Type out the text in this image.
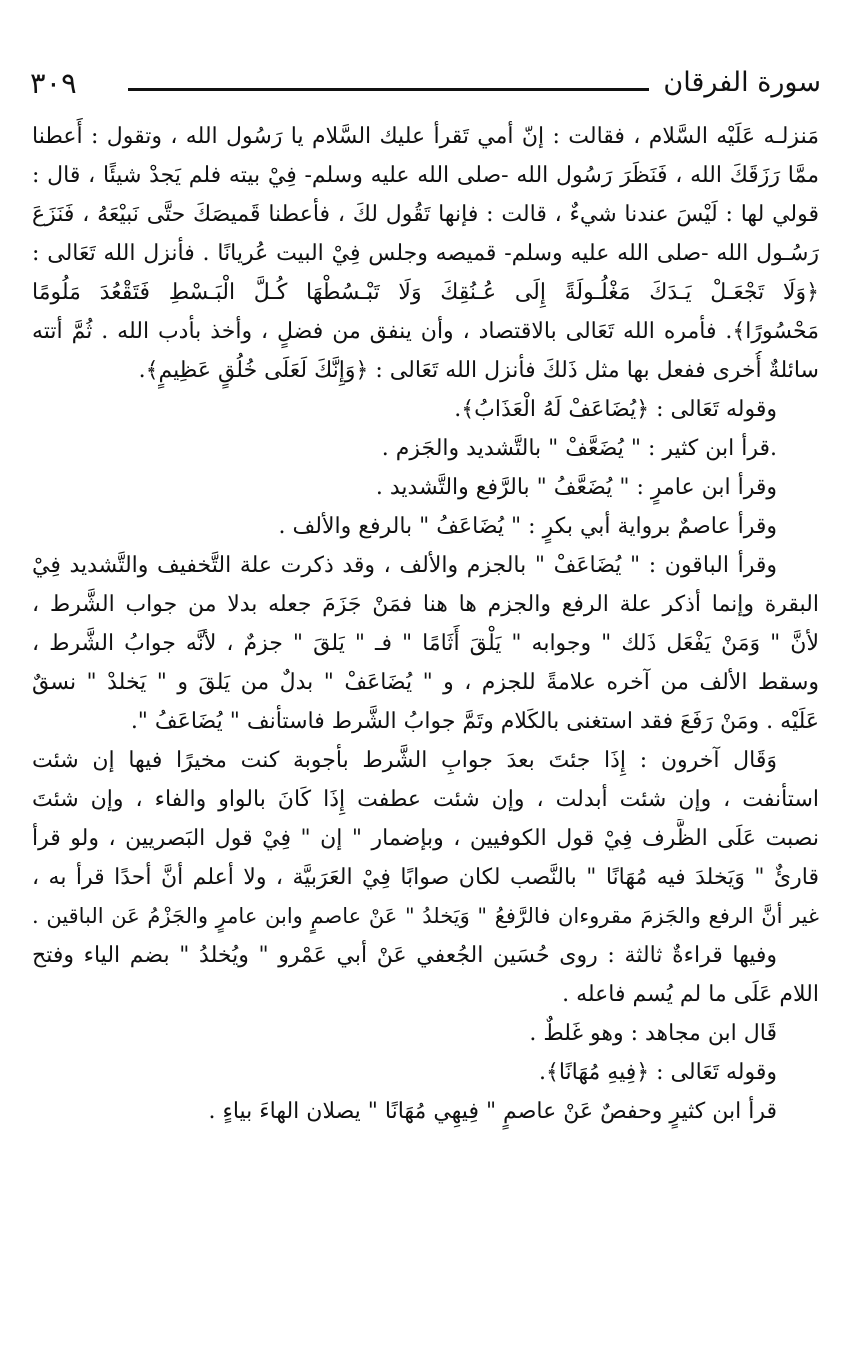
٣٠٩	سورة الفرقان
مَنزلـه عَلَيْه السَّلام ، فقالت : إنّ أمي تَقرأ عليك السَّلام يا رَسُول الله ، وتقول : أَعطنا
ممَّا رَزَقَكَ الله ، فَنَظَرَ رَسُول الله -صلى الله عليه وسلم- فِيْ بيته فلم يَجدْ شيئًا ، قال :
قولي لها : لَيْسَ عندنا شيءٌ ، قالت : فإنها تَقُول لكَ ، فأعطنا قَميصَكَ حتَّى نَبيْعَهُ ، فَنَزَعَ
رَسُـول الله -صلى الله عليه وسلم- قميصه وجلس فِيْ البيت عُريانًا . فأنزل الله تَعَالى :
﴿وَلَا تَجْعَـلْ يَـدَكَ مَغْلُـولَةً إِلَى عُـنُقِكَ وَلَا تَبْـسُطْهَا كُـلَّ الْبَـسْطِ فَتَقْعُدَ مَلُومًا
مَحْسُورًا﴾. فأمره الله تَعَالى بالاقتصاد ، وأن ينفق من فضلٍ ، وأخذ بأدب الله . ثُمَّ أتته
سائلةٌ أُخرى ففعل بها مثل ذَلكَ فأنزل الله تَعَالى : ﴿وَإِنَّكَ لَعَلَى خُلُقٍ عَظِيمٍ﴾.
وقوله تَعَالى : ﴿يُضَاعَفْ لَهُ الْعَذَابُ﴾.
.قرأ ابن كثير : " يُضَعَّفْ " بالتَّشديد والجَزم .
وقرأ ابن عامرٍ : " يُضَعَّفُ " بالرَّفع والتَّشديد .
وقرأ عاصمٌ برواية أبي بكرٍ : " يُضَاعَفُ " بالرفع والألف .
وقرأ الباقون : " يُضَاعَفْ " بالجزم والألف ، وقد ذكرت علة التَّخفيف والتَّشديد فِيْ
البقرة وإنما أذكر علة الرفع والجزم ها هنا فمَنْ جَزَمَ جعله بدلا من جواب الشَّرط ،
لأنَّ " وَمَنْ يَفْعَل ذَلك " وجوابه " يَلْقَ أَثَامًا " فـ " يَلقَ " جزمٌ ، لأنَّه جوابُ الشَّرط ،
وسقط الألف من آخره علامةً للجزم ، و " يُضَاعَفْ " بدلٌ من يَلقَ و " يَخلدْ " نسقٌ
عَلَيْه . ومَنْ رَفَعَ فقد استغنى بالكَلام وتَمَّ جوابُ الشَّرط فاستأنف " يُضَاعَفُ ".
وَقَال آخرون : إِذَا جئتَ بعدَ جوابِ الشَّرط بأجوبة كنت مخيرًا فيها إن شئت
استأنفت ، وإن شئت أبدلت ، وإن شئت عطفت إِذَا كَانَ بالواو والفاء ، وإن شئتَ
نصبت عَلَى الظَّرف فِيْ قول الكوفيين ، وبإضمار " إن " فِيْ قول البَصريين ، ولو قرأ
قارئٌ " وَيَخلدَ فيه مُهَانًا " بالنَّصب لكان صوابًا فِيْ العَرَبيَّة ، ولا أعلم أنَّ أحدًا قرأ به ،
غير أنَّ الرفع والجَزمَ مقروءان فالرَّفعُ " وَيَخلدُ " عَنْ عاصمٍ وابن عامرٍ والجَزْمُ عَن الباقين .
وفيها قراءةٌ ثالثة : روى حُسَين الجُعفي عَنْ أبي عَمْرو " ويُخلدُ " بضم الياء وفتح
اللام عَلَى ما لم يُسم فاعله .
قَال ابن مجاهد : وهو غَلطٌ .
وقوله تَعَالى : ﴿فِيهِ مُهَانًا﴾.
قرأ ابن كثيرٍ وحفصٌ عَنْ عاصمٍ " فِيهِي مُهَانًا " يصلان الهاءَ بياءٍ .
